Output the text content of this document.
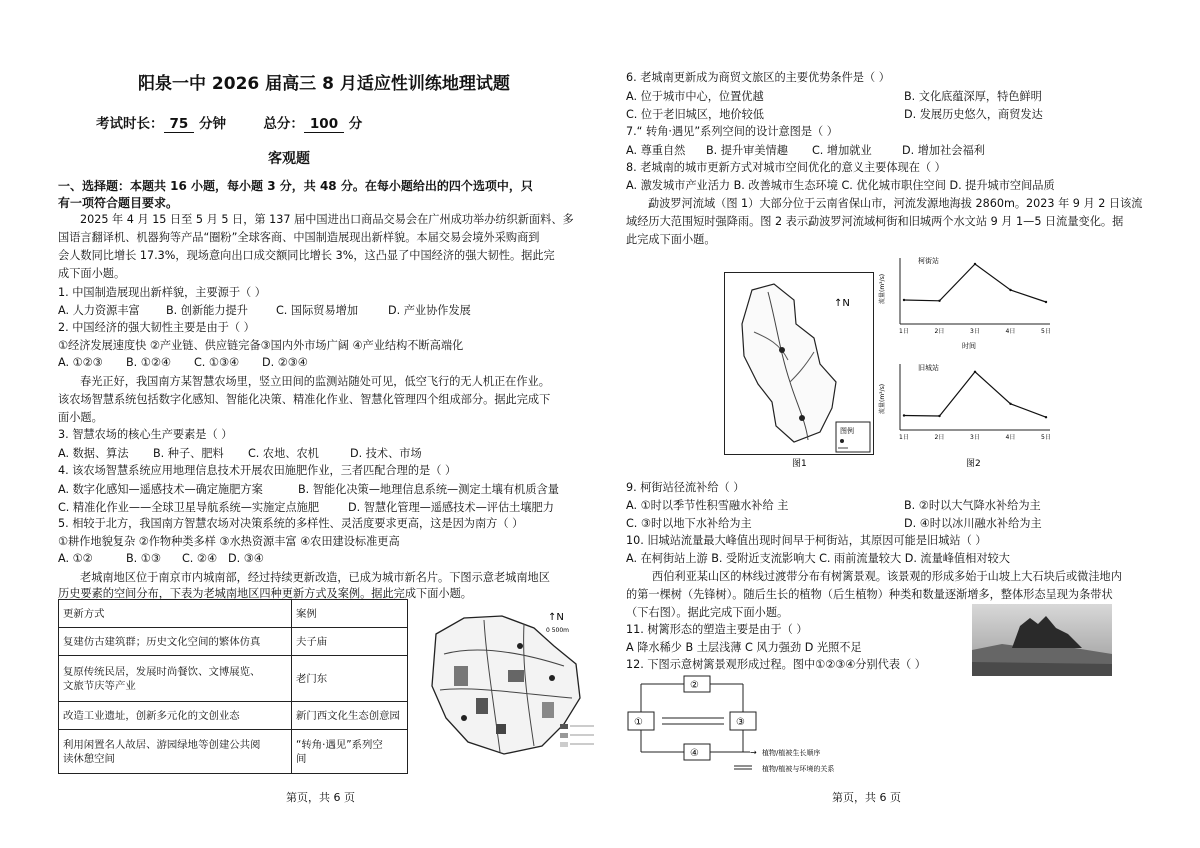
阳泉一中 2026 届高三 8 月适应性训练地理试题
考试时长： 75 分钟	总分： 100 分
客观题
一、选择题：本题共 16 小题，每小题 3 分，共 48 分。在每小题给出的四个选项中，只
有一项符合题目要求。
2025 年 4 月 15 日至 5 月 5 日，第 137 届中国进出口商品交易会在广州成功举办纺织新面料、多
国语言翻译机、机器狗等产品“圈粉”全球客商、中国制造展现出新样貌。本届交易会境外采购商到
会人数同比增长 17.3%，现场意向出口成交额同比增长 3%，这凸显了中国经济的强大韧性。据此完
成下面小题。
1. 中国制造展现出新样貌，主要源于（ ）
A. 人力资源丰富 B. 创新能力提升	C. 国际贸易增加	D. 产业协作发展
2. 中国经济的强大韧性主要是由于（ ）
①经济发展速度快 ②产业链、供应链完备③国内外市场广阔 ④产业结构不断高端化
A. ①②③ B. ①②④ C. ①③④ D. ②③④
春光正好，我国南方某智慧农场里，竖立田间的监测站随处可见，低空飞行的无人机正在作业。
该农场智慧系统包括数字化感知、智能化决策、精准化作业、智慧化管理四个组成部分。据此完成下
面小题。
3. 智慧农场的核心生产要素是（ ）
A. 数据、算法 B. 种子、肥料 C. 农地、农机	D. 技术、市场
4. 该农场智慧系统应用地理信息技术开展农田施肥作业，三者匹配合理的是（ ）
A. 数字化感知—遥感技术—确定施肥方案	B. 智能化决策—地理信息系统—测定土壤有机质含量
C. 精准化作业——全球卫星导航系统—实施定点施肥	D. 智慧化管理—遥感技术—评估土壤肥力
5. 相较于北方，我国南方智慧农场对决策系统的多样性、灵活度要求更高，这是因为南方（ ）
①耕作地貌复杂 ②作物种类多样 ③水热资源丰富 ④农田建设标准更高
A. ①②	B. ①③ C. ②④ D. ③④
老城南地区位于南京市内城南部，经过持续更新改造，已成为城市新名片。下图示意老城南地区
历史要素的空间分布，下表为老城南地区四种更新方式及案例。据此完成下面小题。
更新方式	案例
复建仿古建筑群；历史文化空间的繁体仿真	夫子庙
复原传统民居，发展时尚餐饮、文博展览、
文旅节庆等产业	老门东
改造工业遗址，创新多元化的文创业态	新门西文化生态创意园
利用闲置名人故居、游园绿地等创建公共阅
读休憩空间	“转角·遇见”系列空
间
↑N
0 500m
第页，共 6 页
6. 老城南更新成为商贸文旅区的主要优势条件是（ ）
A. 位于城市中心，位置优越	B. 文化底蕴深厚，特色鲜明
C. 位于老旧城区，地价较低	D. 发展历史悠久，商贸发达
7.“ 转角·遇见”系列空间的设计意图是（ ）
A. 尊重自然 B. 提升审美情趣 C. 增加就业	D. 增加社会福利
8. 老城南的城市更新方式对城市空间优化的意义主要体现在（ ）
A. 激发城市产业活力 B. 改善城市生态环境 C. 优化城市职住空间 D. 提升城市空间品质
勐波罗河流域（图 1）大部分位于云南省保山市，河流发源地海拔 2860m。2023 年 9 月 2 日该流
域经历大范围短时强降雨。图 2 表示勐波罗河流域柯街和旧城两个水文站 9 月 1—5 日流量变化。据
此完成下面小题。
↑N
图例
图1
柯街站
流量(m³/s)
1日	2日	3日	4日	5日
时间
旧城站
流量(m³/s)
1日	2日	3日	4日	5日
图2
9. 柯街站径流补给（ ）
A. ①时以季节性积雪融水补给 主	B. ②时以大气降水补给为主
C. ③时以地下水补给为主	D. ④时以冰川融水补给为主
10. 旧城站流量最大峰值出现时间早于柯街站，其原因可能是旧城站（ ）
A. 在柯街站上游 B. 受附近支流影响大 C. 雨前流量较大 D. 流量峰值相对较大
西伯利亚某山区的林线过渡带分布有树篱景观。该景观的形成多始于山坡上大石块后或微洼地内
的第一棵树（先锋树）。随后生长的植物（后生植物）种类和数量逐渐增多，整体形态呈现为条带状
（下右图）。据此完成下面小题。
11. 树篱形态的塑造主要是由于（ ）
A 降水稀少 B 土层浅薄 C 风力强劲 D 光照不足
12. 下图示意树篱景观形成过程。图中①②③④分别代表（ ）
②
①	③
④	→ 植物/植被生长顺序
植物/植被与环境的关系
第页，共 6 页
